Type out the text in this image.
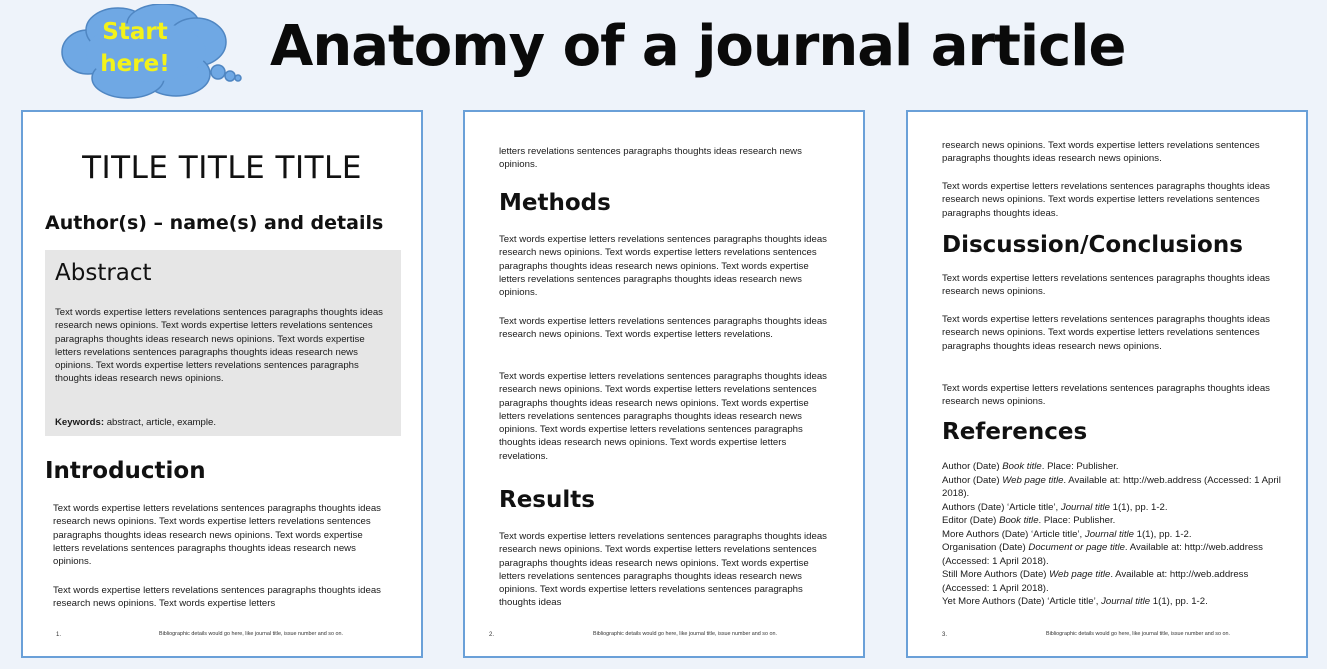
Start
here!	Anatomy of a journal article
TITLE TITLE TITLE
Author(s) – name(s) and details
Abstract
Text words expertise letters revelations sentences paragraphs thoughts ideas research news opinions. Text words expertise letters revelations sentences paragraphs thoughts ideas research news opinions. Text words expertise letters revelations sentences paragraphs thoughts ideas research news opinions. Text words expertise letters revelations sentences paragraphs thoughts ideas research news opinions.
Keywords: abstract, article, example.
Introduction
Text words expertise letters revelations sentences paragraphs thoughts ideas research news opinions. Text words expertise letters revelations sentences paragraphs thoughts ideas research news opinions. Text words expertise letters revelations sentences paragraphs thoughts ideas research news opinions.
Text words expertise letters revelations sentences paragraphs thoughts ideas research news opinions. Text words expertise letters
1.	Bibliographic details would go here, like journal title, issue number and so on.
letters revelations sentences paragraphs thoughts ideas research news opinions.
Methods
Text words expertise letters revelations sentences paragraphs thoughts ideas research news opinions. Text words expertise letters revelations sentences paragraphs thoughts ideas research news opinions. Text words expertise letters revelations sentences paragraphs thoughts ideas research news opinions.
Text words expertise letters revelations sentences paragraphs thoughts ideas research news opinions. Text words expertise letters revelations.
Text words expertise letters revelations sentences paragraphs thoughts ideas research news opinions. Text words expertise letters revelations sentences paragraphs thoughts ideas research news opinions. Text words expertise letters revelations sentences paragraphs thoughts ideas research news opinions. Text words expertise letters revelations sentences paragraphs thoughts ideas research news opinions. Text words expertise letters revelations.
Results
Text words expertise letters revelations sentences paragraphs thoughts ideas research news opinions. Text words expertise letters revelations sentences paragraphs thoughts ideas research news opinions. Text words expertise letters revelations sentences paragraphs thoughts ideas research news opinions. Text words expertise letters revelations sentences paragraphs thoughts ideas
2.	Bibliographic details would go here, like journal title, issue number and so on.
research news opinions. Text words expertise letters revelations sentences paragraphs thoughts ideas research news opinions.
Text words expertise letters revelations sentences paragraphs thoughts ideas research news opinions. Text words expertise letters revelations sentences paragraphs thoughts ideas.
Discussion/Conclusions
Text words expertise letters revelations sentences paragraphs thoughts ideas research news opinions.
Text words expertise letters revelations sentences paragraphs thoughts ideas research news opinions. Text words expertise letters revelations sentences paragraphs thoughts ideas research news opinions.
Text words expertise letters revelations sentences paragraphs thoughts ideas research news opinions.
References
Author (Date) Book title. Place: Publisher.
Author (Date) Web page title. Available at: http://web.address (Accessed: 1 April 2018).
Authors (Date) ‘Article title’, Journal title 1(1), pp. 1-2.
Editor (Date) Book title. Place: Publisher.
More Authors (Date) ‘Article title’, Journal title 1(1), pp. 1-2.
Organisation (Date) Document or page title. Available at: http://web.address (Accessed: 1 April 2018).
Still More Authors (Date) Web page title. Available at: http://web.address (Accessed: 1 April 2018).
Yet More Authors (Date) ‘Article title’, Journal title 1(1), pp. 1-2.
3.	Bibliographic details would go here, like journal title, issue number and so on.
